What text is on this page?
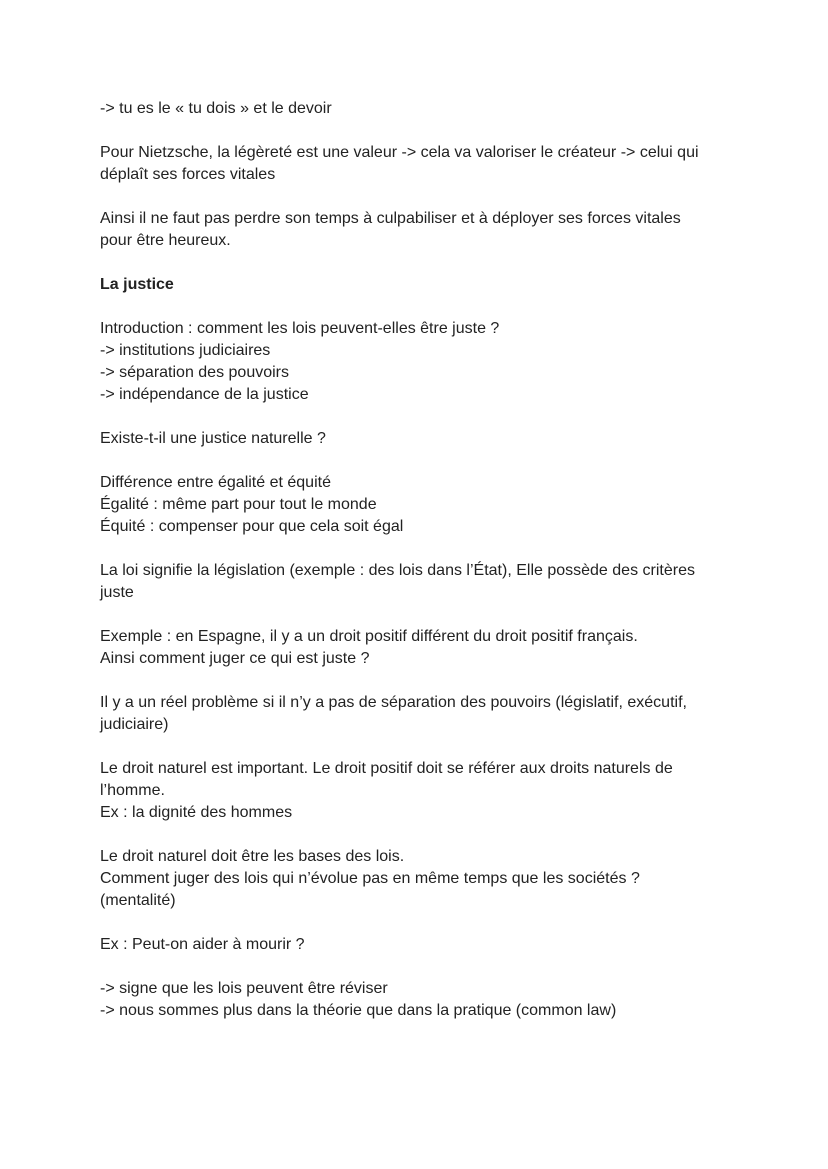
-> tu es le « tu dois » et le devoir

Pour Nietzsche, la légèreté est une valeur -> cela va valoriser le créateur -> celui qui
déplaît ses forces vitales

Ainsi il ne faut pas perdre son temps à culpabiliser et à déployer ses forces vitales
pour être heureux.

La justice

Introduction : comment les lois peuvent-elles être juste ?
-> institutions judiciaires
-> séparation des pouvoirs
-> indépendance de la justice

Existe-t-il une justice naturelle ?

Différence entre égalité et équité
Égalité : même part pour tout le monde
Équité : compenser pour que cela soit égal

La loi signifie la législation (exemple : des lois dans l’État), Elle possède des critères
juste

Exemple : en Espagne, il y a un droit positif différent du droit positif français.
Ainsi comment juger ce qui est juste ?

Il y a un réel problème si il n’y a pas de séparation des pouvoirs (législatif, exécutif,
judiciaire)

Le droit naturel est important. Le droit positif doit se référer aux droits naturels de
l’homme.
Ex : la dignité des hommes

Le droit naturel doit être les bases des lois.
Comment juger des lois qui n’évolue pas en même temps que les sociétés ?
(mentalité)

Ex : Peut-on aider à mourir ?

-> signe que les lois peuvent être réviser
-> nous sommes plus dans la théorie que dans la pratique (common law)
